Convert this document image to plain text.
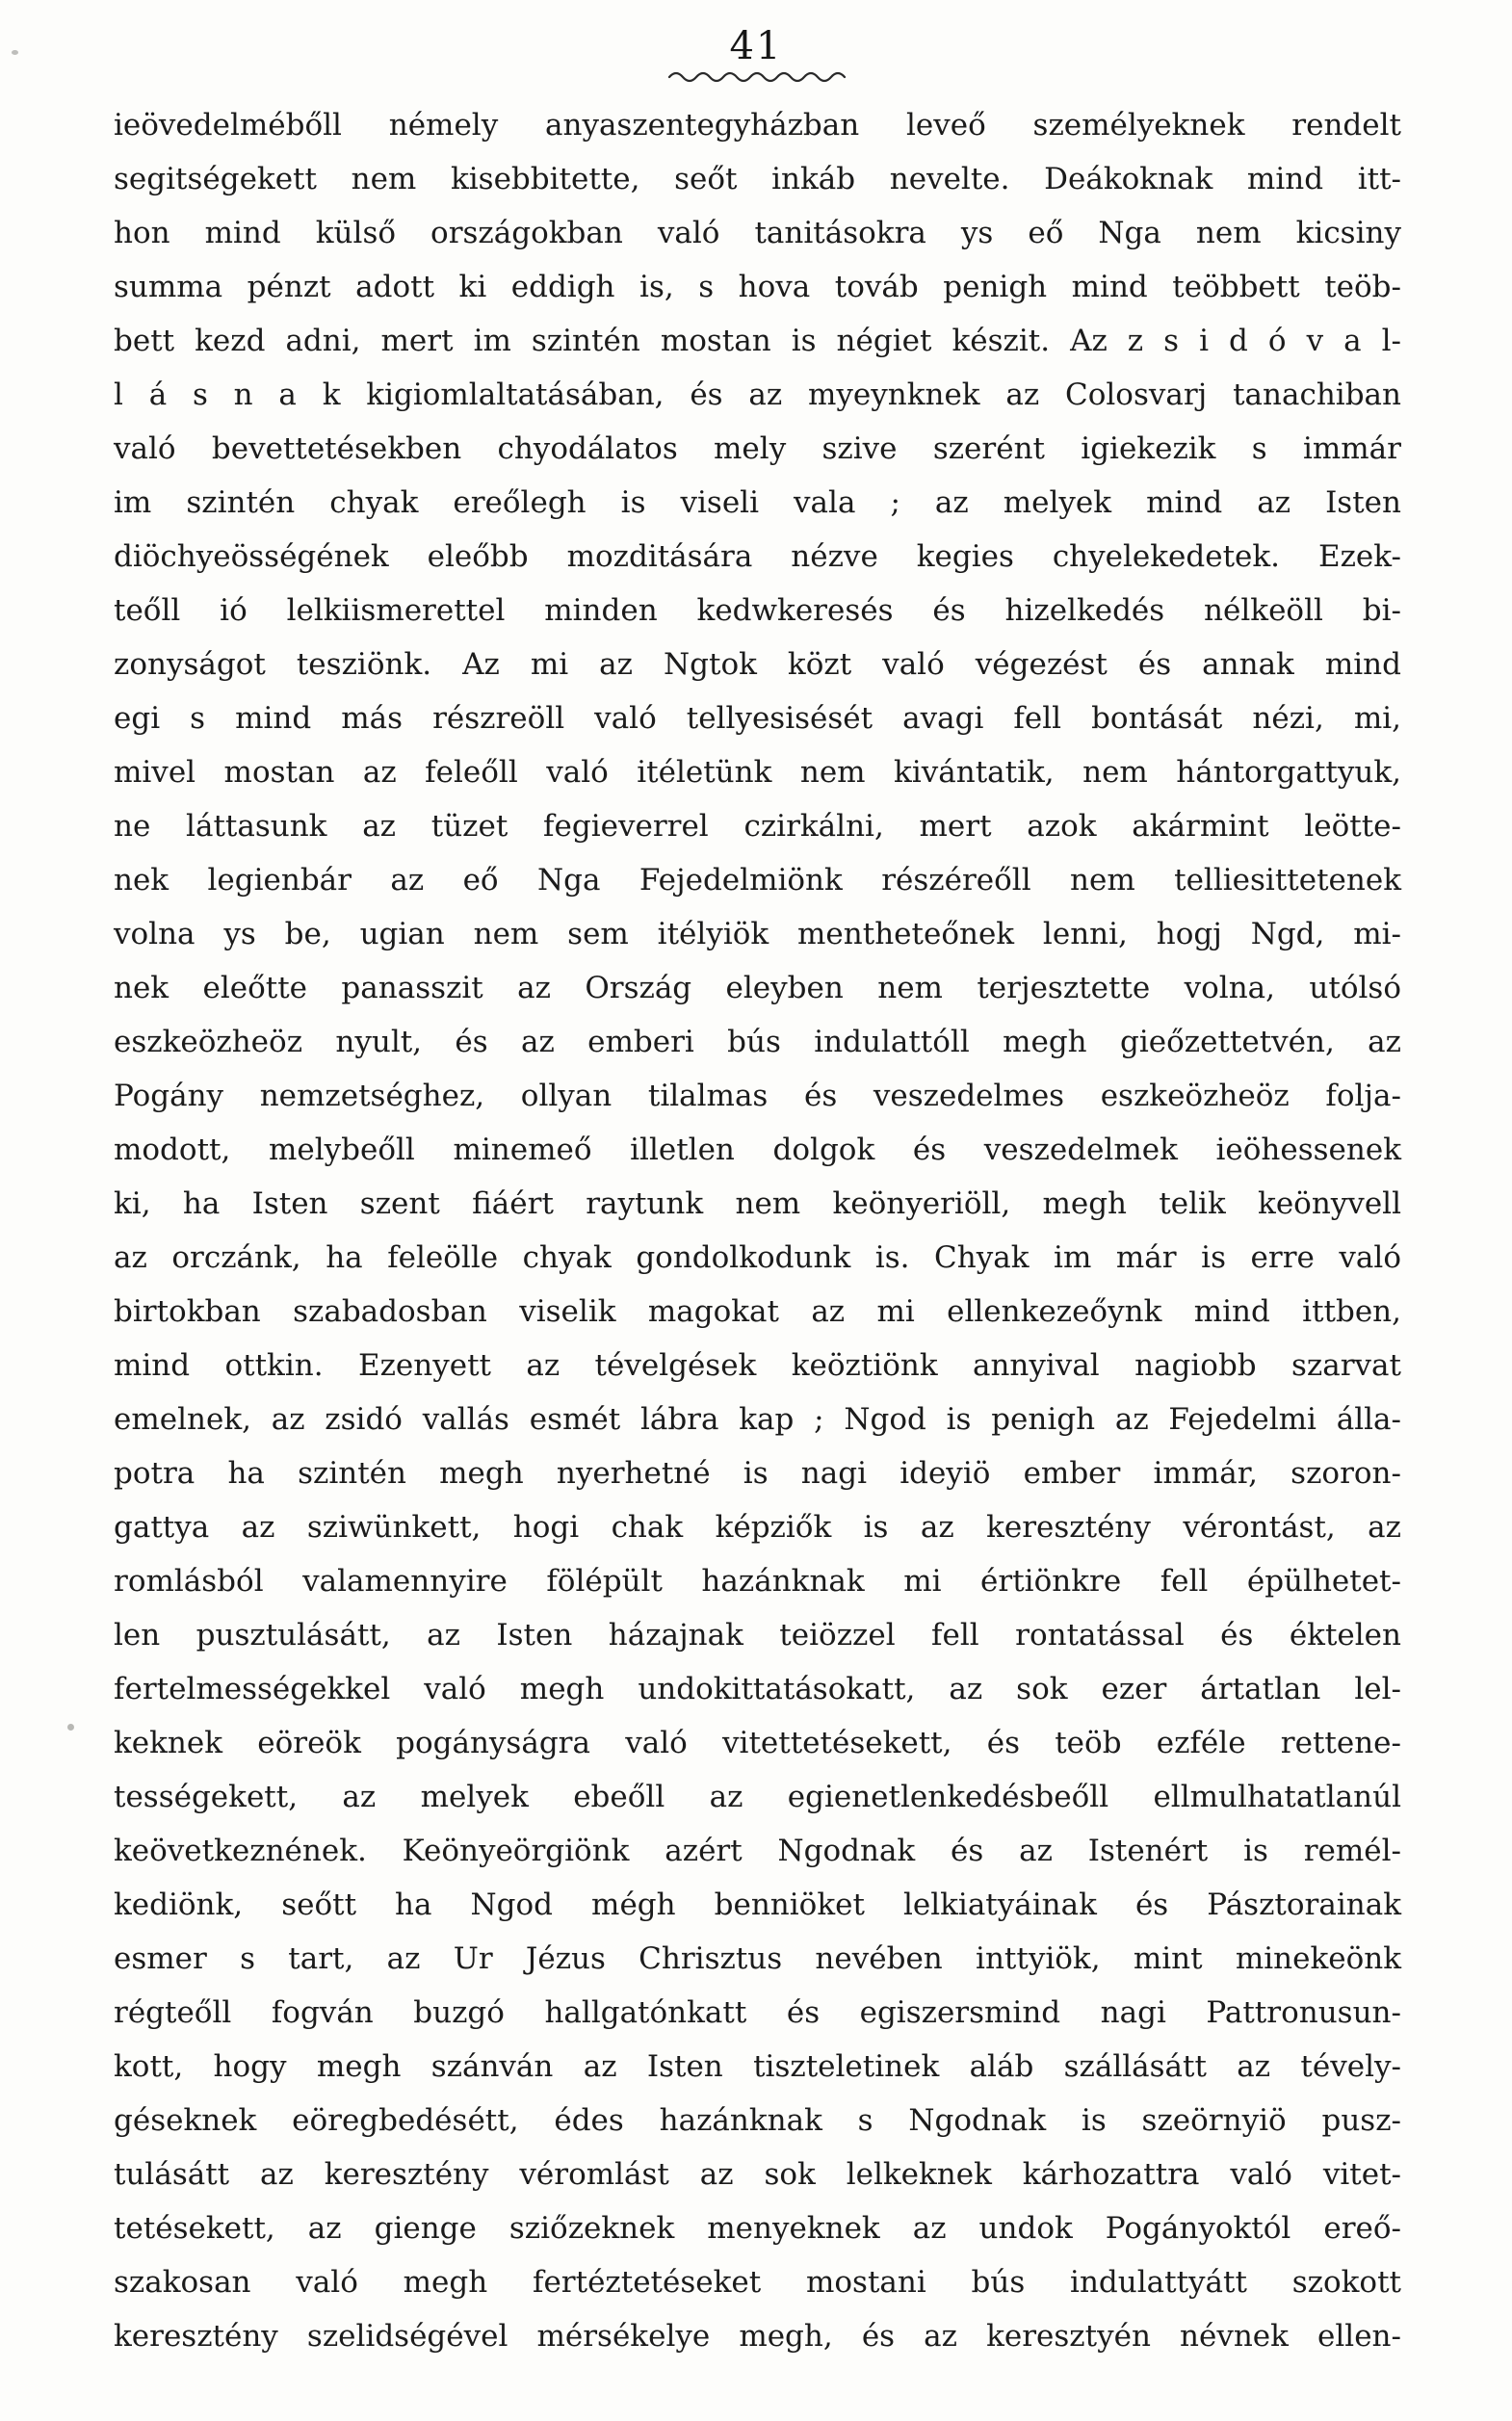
41
ieövedelmébőll némely anyaszentegyházban leveő személyeknek rendelt
segitségekett nem kisebbitette, seőt inkáb nevelte. Deákoknak mind itt-
hon mind külső országokban való tanitásokra ys eő Nga nem kicsiny
summa pénzt adott ki eddigh is, s hova továb penigh mind teöbbett teöb-
bett kezd adni, mert im szintén mostan is négiet készit. Az z s i d ó v a l-
l á s n a k kigiomlaltatásában, és az myeynknek az Colosvarj tanachiban
való bevettetésekben chyodálatos mely szive szerént igiekezik s immár
im szintén chyak ereőlegh is viseli vala ; az melyek mind az Isten
diöchyeösségének eleőbb mozditására nézve kegies chyelekedetek. Ezek-
teőll ió lelkiismerettel minden kedwkeresés és hizelkedés nélkeöll bi-
zonyságot tesziönk. Az mi az Ngtok közt való végezést és annak mind
egi s mind más részreöll való tellyesisését avagi fell bontását nézi, mi,
mivel mostan az feleőll való itéletünk nem kivántatik, nem hántorgattyuk,
ne láttasunk az tüzet fegieverrel czirkálni, mert azok akármint leötte-
nek legienbár az eő Nga Fejedelmiönk részéreőll nem telliesittetenek
volna ys be, ugian nem sem itélyiök mentheteőnek lenni, hogj Ngd, mi-
nek eleőtte panasszit az Ország eleyben nem terjesztette volna, utólsó
eszkeözheöz nyult, és az emberi bús indulattóll megh gieőzettetvén, az
Pogány nemzetséghez, ollyan tilalmas és veszedelmes eszkeözheöz folja-
modott, melybeőll minemeő illetlen dolgok és veszedelmek ieöhessenek
ki, ha Isten szent fiáért raytunk nem keönyeriöll, megh telik keönyvell
az orczánk, ha feleölle chyak gondolkodunk is. Chyak im már is erre való
birtokban szabadosban viselik magokat az mi ellenkezeőynk mind ittben,
mind ottkin. Ezenyett az tévelgések keöztiönk annyival nagiobb szarvat
emelnek, az zsidó vallás esmét lábra kap ; Ngod is penigh az Fejedelmi álla-
potra ha szintén megh nyerhetné is nagi ideyiö ember immár, szoron-
gattya az sziwünkett, hogi chak képziők is az keresztény vérontást, az
romlásból valamennyire fölépült hazánknak mi értiönkre fell épülhetet-
len pusztulásátt, az Isten házajnak teiözzel fell rontatással és éktelen
fertelmességekkel való megh undokittatásokatt, az sok ezer ártatlan lel-
keknek eöreök pogányságra való vitettetésekett, és teöb ezféle rettene-
tességekett, az melyek ebeőll az egienetlenkedésbeőll ellmulhatatlanúl
keövetkeznének. Keönyeörgiönk azért Ngodnak és az Istenért is remél-
kediönk, seőtt ha Ngod mégh benniöket lelkiatyáinak és Pásztorainak
esmer s tart, az Ur Jézus Chrisztus nevében inttyiök, mint minekeönk
régteőll fogván buzgó hallgatónkatt és egiszersmind nagi Pattronusun-
kott, hogy megh szánván az Isten tiszteletinek aláb szállásátt az tévely-
géseknek eöregbedésétt, édes hazánknak s Ngodnak is szeörnyiö pusz-
tulásátt az keresztény véromlást az sok lelkeknek kárhozattra való vitet-
tetésekett, az gienge sziőzeknek menyeknek az undok Pogányoktól ereő-
szakosan való megh fertéztetéseket mostani bús indulattyátt szokott
keresztény szelidségével mérsékelye megh, és az keresztyén névnek ellen-
